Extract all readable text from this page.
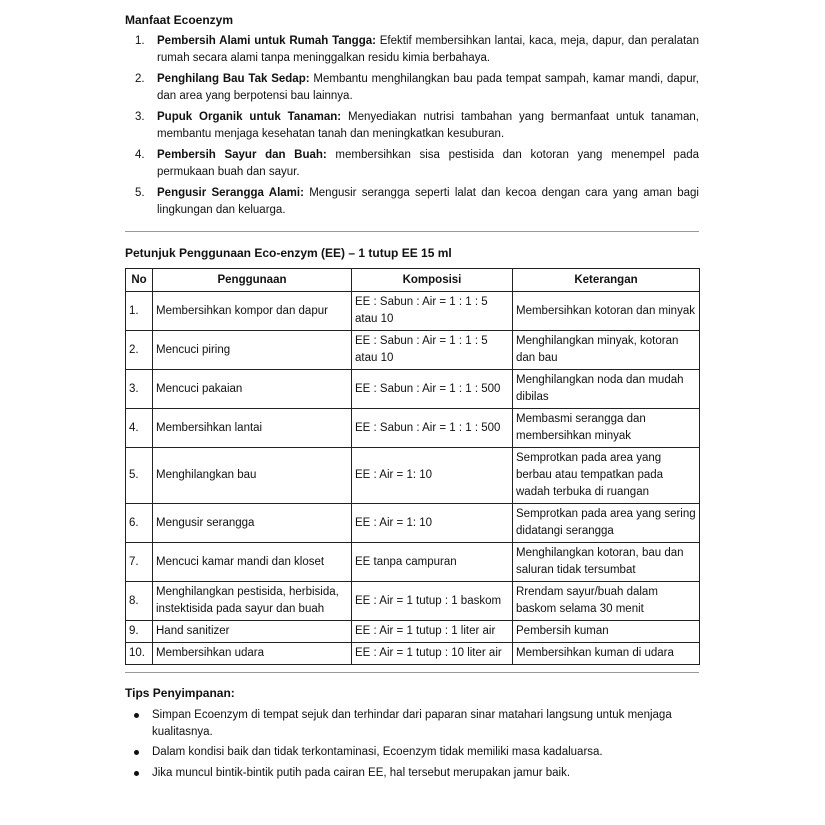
Manfaat Ecoenzym
1. Pembersih Alami untuk Rumah Tangga: Efektif membersihkan lantai, kaca, meja, dapur, dan peralatan rumah secara alami tanpa meninggalkan residu kimia berbahaya.
2. Penghilang Bau Tak Sedap: Membantu menghilangkan bau pada tempat sampah, kamar mandi, dapur, dan area yang berpotensi bau lainnya.
3. Pupuk Organik untuk Tanaman: Menyediakan nutrisi tambahan yang bermanfaat untuk tanaman, membantu menjaga kesehatan tanah dan meningkatkan kesuburan.
4. Pembersih Sayur dan Buah: membersihkan sisa pestisida dan kotoran yang menempel pada permukaan buah dan sayur.
5. Pengusir Serangga Alami: Mengusir serangga seperti lalat dan kecoa dengan cara yang aman bagi lingkungan dan keluarga.
Petunjuk Penggunaan Eco-enzym (EE) – 1 tutup EE 15 ml
No	Penggunaan	Komposisi	Keterangan
1.	Membersihkan kompor dan dapur	EE : Sabun : Air = 1 : 1 : 5 atau 10	Membersihkan kotoran dan minyak
2.	Mencuci piring	EE : Sabun : Air = 1 : 1 : 5 atau 10	Menghilangkan minyak, kotoran dan bau
3.	Mencuci pakaian	EE : Sabun : Air = 1 : 1 : 500	Menghilangkan noda dan mudah dibilas
4.	Membersihkan lantai	EE : Sabun : Air = 1 : 1 : 500	Membasmi serangga dan membersihkan minyak
5.	Menghilangkan bau	EE : Air = 1: 10	Semprotkan pada area yang berbau atau tempatkan pada wadah terbuka di ruangan
6.	Mengusir serangga	EE : Air = 1: 10	Semprotkan pada area yang sering didatangi serangga
7.	Mencuci kamar mandi dan kloset	EE tanpa campuran	Menghilangkan kotoran, bau dan saluran tidak tersumbat
8.	Menghilangkan pestisida, herbisida, instektisida pada sayur dan buah	EE : Air = 1 tutup : 1 baskom	Rrendam sayur/buah dalam baskom selama 30 menit
9.	Hand sanitizer	EE : Air = 1 tutup : 1 liter air	Pembersih kuman
10.	Membersihkan udara	EE : Air = 1 tutup : 10 liter air	Membersihkan kuman di udara
Tips Penyimpanan:
Simpan Ecoenzym di tempat sejuk dan terhindar dari paparan sinar matahari langsung untuk menjaga kualitasnya.
Dalam kondisi baik dan tidak terkontaminasi, Ecoenzym tidak memiliki masa kadaluarsa.
Jika muncul bintik-bintik putih pada cairan EE, hal tersebut merupakan jamur baik.
